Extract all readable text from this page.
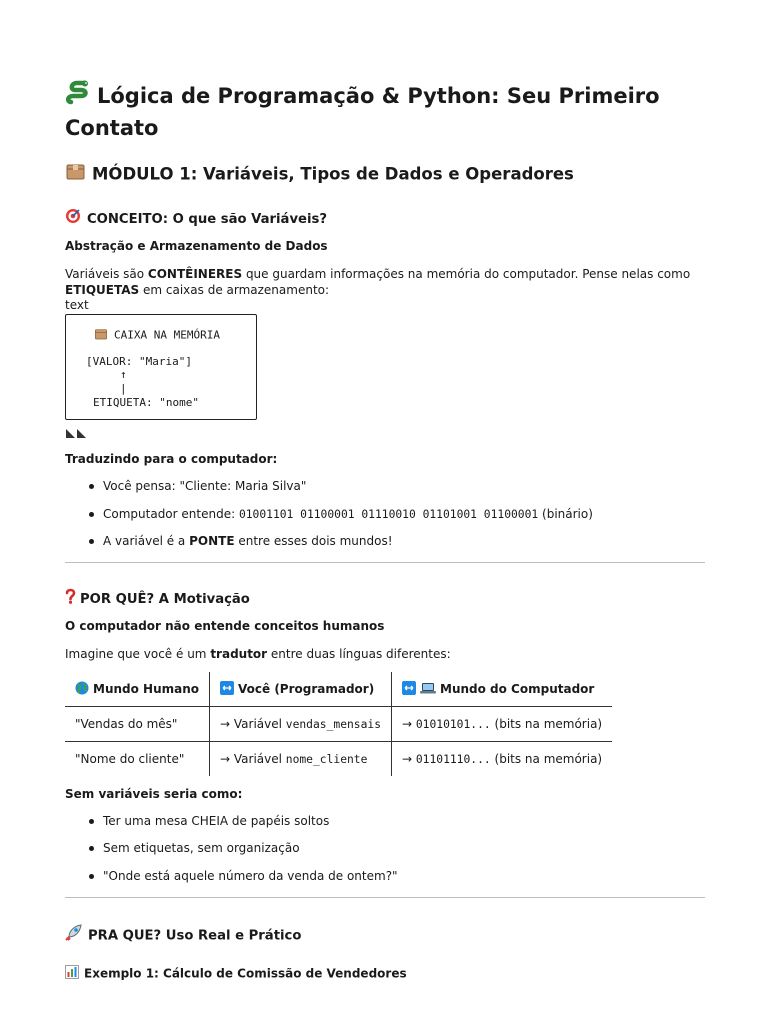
Lógica de Programação & Python: Seu Primeiro Contato
MÓDULO 1: Variáveis, Tipos de Dados e Operadores
CONCEITO: O que são Variáveis?
Abstração e Armazenamento de Dados
Variáveis são CONTÊINERES que guardam informações na memória do computador. Pense nelas como ETIQUETAS em caixas de armazenamento:
text
CAIXA NA MEMÓRIA
[VALOR: "Maria"]
↑
|
ETIQUETA: "nome"
Traduzindo para o computador:
Você pensa: "Cliente: Maria Silva"
Computador entende: 01001101 01100001 01110010 01101001 01100001 (binário)
A variável é a PONTE entre esses dois mundos!
POR QUÊ? A Motivação
O computador não entende conceitos humanos
Imagine que você é um tradutor entre duas línguas diferentes:
Mundo Humano	Você (Programador)	Mundo do Computador
"Vendas do mês"	→ Variável vendas_mensais	→ 01010101... (bits na memória)
"Nome do cliente"	→ Variável nome_cliente	→ 01101110... (bits na memória)
Sem variáveis seria como:
Ter uma mesa CHEIA de papéis soltos
Sem etiquetas, sem organização
"Onde está aquele número da venda de ontem?"
PRA QUE? Uso Real e Prático
Exemplo 1: Cálculo de Comissão de Vendedores
